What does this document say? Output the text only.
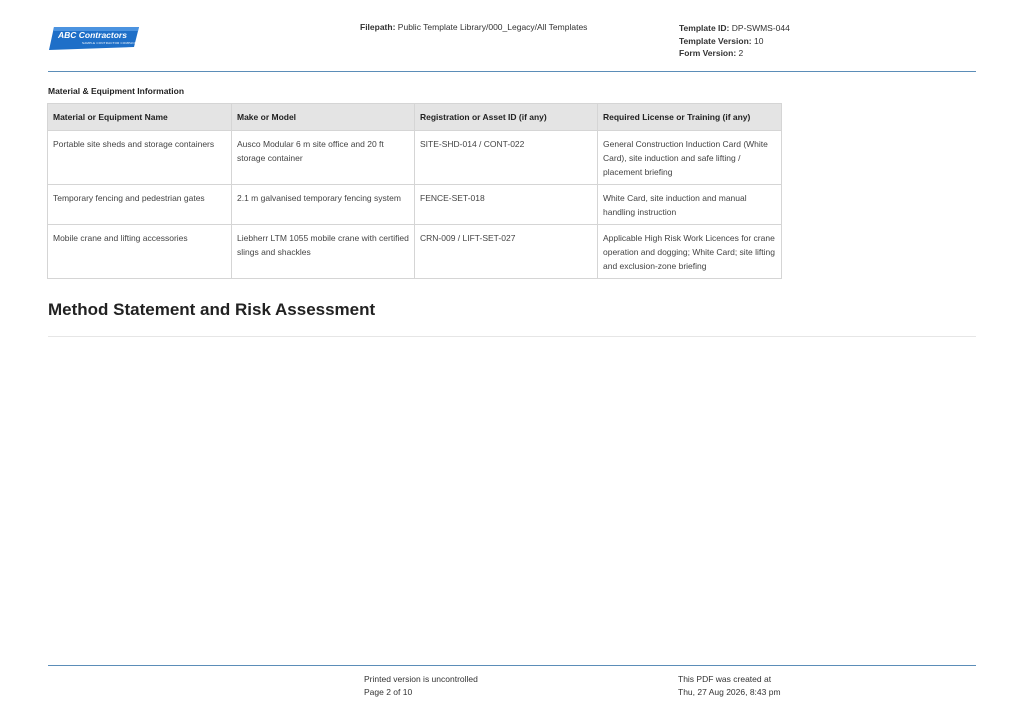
ABC Contractors
SAMPLE CONTRACTOR COMPANY
Filepath: Public Template Library/000_Legacy/All Templates	Template ID: DP-SWMS-044
Template Version: 10
Form Version: 2
Material & Equipment Information
Material or Equipment Name	Make or Model	Registration or Asset ID (if any)	Required License or Training (if any)
Portable site sheds and storage containers	Ausco Modular 6 m site office and 20 ft storage container	SITE-SHD-014 / CONT-022	General Construction Induction Card (White Card), site induction and safe lifting / placement briefing
Temporary fencing and pedestrian gates	2.1 m galvanised temporary fencing system	FENCE-SET-018	White Card, site induction and manual handling instruction
Mobile crane and lifting accessories	Liebherr LTM 1055 mobile crane with certified slings and shackles	CRN-009 / LIFT-SET-027	Applicable High Risk Work Licences for crane operation and dogging; White Card; site lifting and exclusion-zone briefing
Method Statement and Risk Assessment
Printed version is uncontrolled
Page 2 of 10
This PDF was created at
Thu, 27 Aug 2026, 8:43 pm
